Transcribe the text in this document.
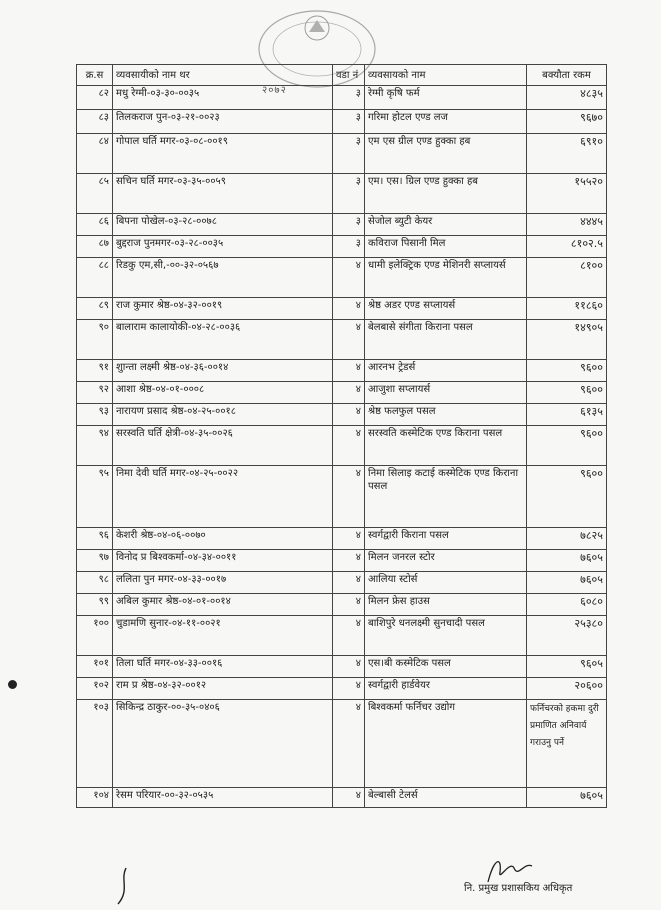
२०७२
क्र.स	व्यवसायीको नाम थर	वडा नं	व्यवसायको नाम	बक्यौता रकम
८२	मधु रेग्मी-०३-३०-००३५	३	रेग्मी कृषि फर्म	४८३५
८३	तिलकराज पुन-०३-२१-००२३	३	गरिमा होटल एण्ड लज	९६७०
८४	गोपाल घर्ति मगर-०३-०८-००१९	३	एम एस ग्रील एण्ड हुक्का हब	६९१०
८५	सचिन घर्ति मगर-०३-३५-००५९	३	एम। एस। ग्रिल एण्ड हुक्का हब	१५५२०
८६	बिपना पोखेल-०३-२८-००७८	३	सेजोल ब्युटी केयर	४४४५
८७	बुद्दराज पुनमगर-०३-२८-००३५	३	कविराज पिसानी मिल	८१०२.५
८८	रिडकु एम,सी,-००-३२-०५६७	४	धामी इलेक्ट्रिक एण्ड मेशिनरी सप्लायर्स	८१००
८९	राज कुमार श्रेष्ठ-०४-३२-००१९	४	श्रेष्ठ अडर एण्ड सप्लायर्स	११८६०
९०	बालाराम कालायोकी-०४-२८-००३६	४	बेलबासे संगीता किराना पसल	१४९०५
९१	शुान्ता लक्ष्मी श्रेष्ठ-०४-३६-००१४	४	आरनभ ट्रेडर्स	९६००
९२	आशा श्रेष्ठ-०४-०१-०००८	४	आजुशा सप्लायर्स	९६००
९३	नारायण प्रसाद श्रेष्ठ-०४-२५-००१८	४	श्रेष्ठ फलफुल पसल	६१३५
९४	सरस्वति घर्ति क्षेत्री-०४-३५-००२६	४	सरस्वति कस्मेटिक एण्ड किराना पसल	९६००
९५	निमा देवी घर्ति मगर-०४-२५-००२२	४	निमा सिलाइ कटाई कस्मेटिक एण्ड किराना पसल	९६००
९६	केशरी श्रेष्ठ-०४-०६-००७०	४	स्वर्गद्वारी किराना पसल	७८२५
९७	विनोद प्र बिश्वकर्मा-०४-३४-००११	४	मिलन जनरल स्टोर	७६०५
९८	ललिता पुन मगर-०४-३३-००१७	४	आलिया स्टोर्स	७६०५
९९	अबिल कुमार श्रेष्ठ-०४-०१-००१४	४	मिलन फ्रेस हाउस	६०८०
१००	चुडामणि सुनार-०४-११-००२१	४	बाशिपुरे धनलक्ष्मी सुनचादी पसल	२५३८०
१०१	तिला घर्ति मगर-०४-३३-००१६	४	एस।बी कस्मेटिक पसल	९६०५
१०२	राम प्र श्रेष्ठ-०४-३२-००१२	४	स्वर्गद्वारी हार्डवेयर	२०६००
१०३	सिकिन्द्र ठाकुर-००-३५-०४०६	४	बिश्वकर्मा फर्निचर उद्योग	फर्निचरको हकमा दुरी प्रमाणित अनिवार्य गराउनु पर्ने
१०४	रेसम परियार-००-३२-०५३५	४	बेल्बासी टेलर्स	७६०५
नि. प्रमुख प्रशासकिय अधिकृत
